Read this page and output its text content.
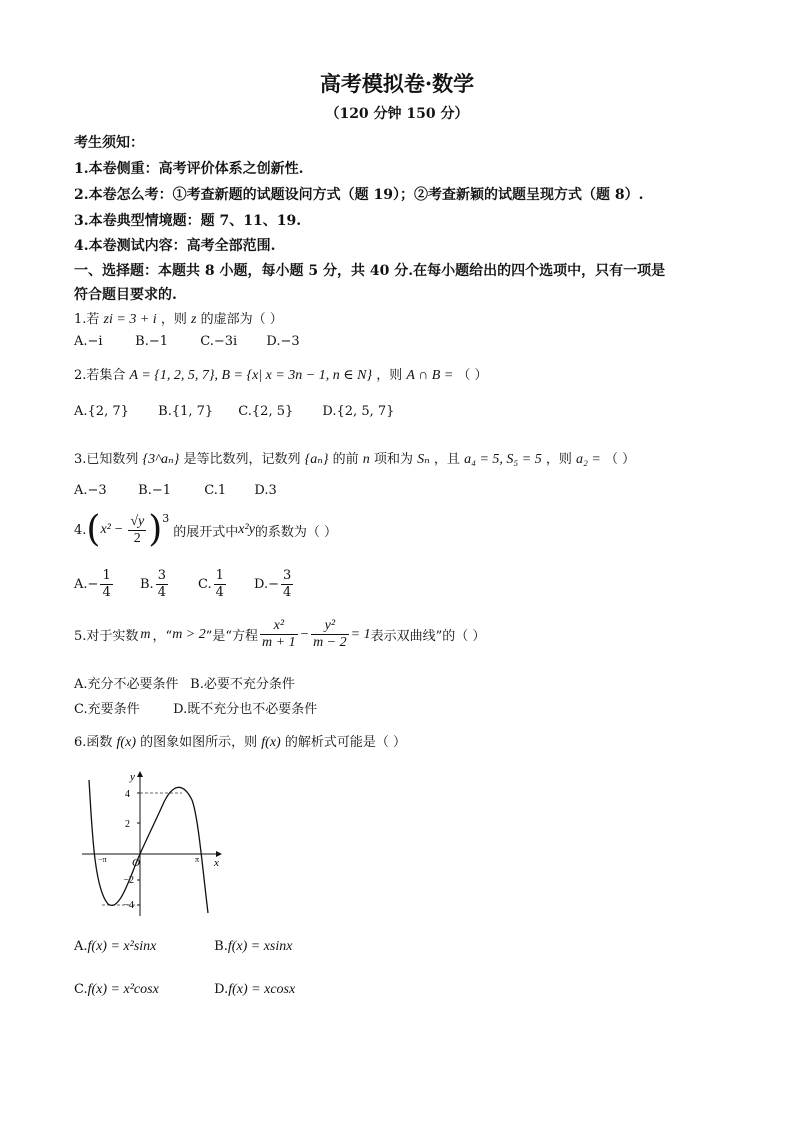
高考模拟卷·数学
（120 分钟 150 分）
考生须知：
1.本卷侧重：高考评价体系之创新性.
2.本卷怎么考：①考查新题的试题设问方式（题 19）；②考查新颖的试题呈现方式（题 8）.
3.本卷典型情境题：题 7、11、19.
4.本卷测试内容：高考全部范围.
一、选择题：本题共 8 小题，每小题 5 分，共 40 分.在每小题给出的四个选项中，只有一项是
符合题目要求的.
1.若 zi = 3 + i ，则 z 的虚部为（ ）
A.−i	B.−1 C.−3i D.−3
2.若集合 A = {1, 2, 5, 7}, B = {x| x = 3n − 1, n ∈ N} ，则 A ∩ B = （ ）
A.{2, 7} B.{1, 7} C.{2, 5} D.{2, 5, 7}
3.已知数列 {3^aₙ} 是等比数列，记数列 {aₙ} 的前 n 项和为 Sₙ ，且 a₄ = 5, S₅ = 5 ，则 a₂ = （ ）
A.−3 B.−1	C.1 D.3
4. ( $x^2 - \frac{√y}{2}$ ) 3
的展开式中 x²y 的系数为（ ）
A. − $\frac{1}{4} B$. $\frac{3}{4} C$. $\frac{1}{4} D$. − $\frac{3}{4}$
5.对于实数 m ，“ m > 2 ”是“方程 $\frac{\text{x²}}{m + 1} - \frac{\text{y²}}{m - 2} = 1$ 表示双曲线”的（ ）
A.充分不必要条件 B.必要不充分条件
C.充要条件	D.既不充分也不必要条件
6.函数 f(x) 的图象如图所示，则 f(x) 的解析式可能是（ ）
4
2
−2
−4
−π	π
y
x
O
A.f(x) = x²sinx	B.f(x) = xsinx
C.f(x) = x²cosx	D.f(x) = xcosx
